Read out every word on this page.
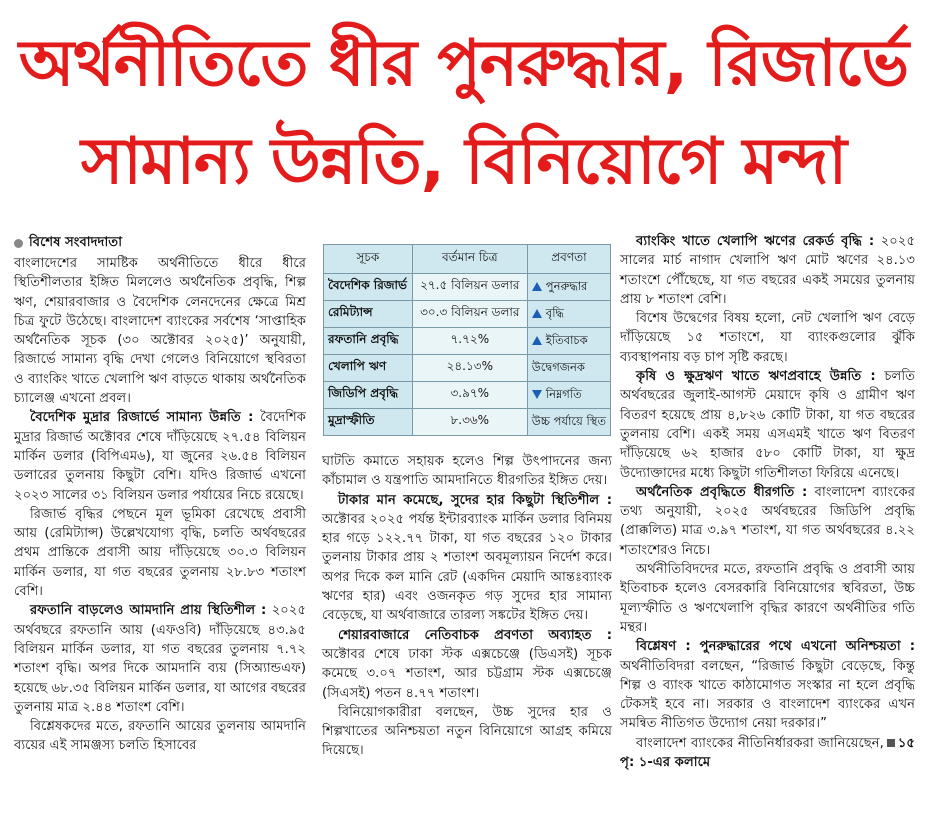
অর্থনীতিতে ধীর পুনরুদ্ধার, রিজার্ভে
সামান্য উন্নতি, বিনিয়োগে মন্দা
বিশেষ সংবাদদাতা

বাংলাদেশের সামষ্টিক অর্থনীতিতে ধীরে ধীরে স্থিতিশীলতার ইঙ্গিত মিললেও অর্থনৈতিক প্রবৃদ্ধি, শিল্প ঋণ, শেয়ারবাজার ও বৈদেশিক লেনদেনের ক্ষেত্রে মিশ্র চিত্র ফুটে উঠেছে। বাংলাদেশ ব্যাংকের সর্বশেষ ‘সাপ্তাহিক অর্থনৈতিক সূচক (৩০ অক্টোবর ২০২৫)’ অনুযায়ী, রিজার্ভে সামান্য বৃদ্ধি দেখা গেলেও বিনিয়োগে স্থবিরতা ও ব্যাংকিং খাতে খেলাপি ঋণ বাড়তে থাকায় অর্থনৈতিক চ্যালেঞ্জ এখনো প্রবল।

বৈদেশিক মুদ্রার রিজার্ভে সামান্য উন্নতি : বৈদেশিক মুদ্রার রিজার্ভ অক্টোবর শেষে দাঁড়িয়েছে ২৭.৫৪ বিলিয়ন মার্কিন ডলার (বিপিএম৬), যা জুনের ২৬.৫৪ বিলিয়ন ডলারের তুলনায় কিছুটা বেশি। যদিও রিজার্ভ এখনো ২০২৩ সালের ৩১ বিলিয়ন ডলার পর্যায়ের নিচে রয়েছে।

রিজার্ভ বৃদ্ধির পেছনে মূল ভূমিকা রেখেছে প্রবাসী আয় (রেমিট্যান্স) উল্লেখযোগ্য বৃদ্ধি, চলতি অর্থবছরের প্রথম প্রান্তিকে প্রবাসী আয় দাঁড়িয়েছে ৩০.৩ বিলিয়ন মার্কিন ডলার, যা গত বছরের তুলনায় ২৮.৮৩ শতাংশ বেশি।

রফতানি বাড়লেও আমদানি প্রায় স্থিতিশীল : ২০২৫ অর্থবছরে রফতানি আয় (এফওবি) দাঁড়িয়েছে ৪৩.৯৫ বিলিয়ন মার্কিন ডলার, যা গত বছরের তুলনায় ৭.৭২ শতাংশ বৃদ্ধি। অপর দিকে আমদানি ব্যয় (সিঅ্যান্ডএফ) হয়েছে ৬৮.৩৫ বিলিয়ন মার্কিন ডলার, যা আগের বছরের তুলনায় মাত্র ২.৪৪ শতাংশ বেশি।

বিশ্লেষকদের মতে, রফতানি আয়ের তুলনায় আমদানি ব্যয়ের এই সামঞ্জস্য চলতি হিসাবের

সূচক	বর্তমান চিত্র	প্রবণতা
বৈদেশিক রিজার্ভ	২৭.৫ বিলিয়ন ডলার	পুনরুদ্ধার
রেমিট্যান্স	৩০.৩ বিলিয়ন ডলার	বৃদ্ধি
রফতানি প্রবৃদ্ধি	৭.৭২%	ইতিবাচক
খেলাপি ঋণ	২৪.১৩%	উদ্বেগজনক
জিডিপি প্রবৃদ্ধি	৩.৯৭%	নিম্নগতি
মুদ্রাস্ফীতি	৮.৩৬%	উচ্চ পর্যায়ে স্থিত

ঘাটতি কমাতে সহায়ক হলেও শিল্প উৎপাদনের জন্য কাঁচামাল ও যন্ত্রপাতি আমদানিতে ধীরগতির ইঙ্গিত দেয়।

টাকার মান কমেছে, সুদের হার কিছুটা স্থিতিশীল : অক্টোবর ২০২৫ পর্যন্ত ইন্টারব্যাংক মার্কিন ডলার বিনিময় হার গড়ে ১২২.৭৭ টাকা, যা গত বছরের ১২০ টাকার তুলনায় টাকার প্রায় ২ শতাংশ অবমূল্যায়ন নির্দেশ করে। অপর দিকে কল মানি রেট (একদিন মেয়াদি আন্তঃব্যাংক ঋণের হার) এবং ওজনকৃত গড় সুদের হার সামান্য বেড়েছে, যা অর্থবাজারে তারল্য সঙ্কটের ইঙ্গিত দেয়।

শেয়ারবাজারে নেতিবাচক প্রবণতা অব্যাহত : অক্টোবর শেষে ঢাকা স্টক এক্সচেঞ্জে (ডিএসই) সূচক কমেছে ৩.০৭ শতাংশ, আর চট্টগ্রাম স্টক এক্সচেঞ্জে (সিএসই) পতন ৪.৭৭ শতাংশ।

বিনিয়োগকারীরা বলছেন, উচ্চ সুদের হার ও শিল্পখাতের অনিশ্চয়তা নতুন বিনিয়োগে আগ্রহ কমিয়ে দিয়েছে।

ব্যাংকিং খাতে খেলাপি ঋণের রেকর্ড বৃদ্ধি : ২০২৫ সালের মার্চ নাগাদ খেলাপি ঋণ মোট ঋণের ২৪.১৩ শতাংশে পৌঁছেছে, যা গত বছরের একই সময়ের তুলনায় প্রায় ৮ শতাংশ বেশি।

বিশেষ উদ্বেগের বিষয় হলো, নেট খেলাপি ঋণ বেড়ে দাঁড়িয়েছে ১৫ শতাংশে, যা ব্যাংকগুলোর ঝুঁকি ব্যবস্থাপনায় বড় চাপ সৃষ্টি করছে।

কৃষি ও ক্ষুদ্রঋণ খাতে ঋণপ্রবাহে উন্নতি : চলতি অর্থবছরের জুলাই-আগস্ট মেয়াদে কৃষি ও গ্রামীণ ঋণ বিতরণ হয়েছে প্রায় ৪,৮২৬ কোটি টাকা, যা গত বছরের তুলনায় বেশি। একই সময় এসএমই খাতে ঋণ বিতরণ দাঁড়িয়েছে ৬২ হাজার ৫৮০ কোটি টাকা, যা ক্ষুদ্র উদ্যোক্তাদের মধ্যে কিছুটা গতিশীলতা ফিরিয়ে এনেছে।

অর্থনৈতিক প্রবৃদ্ধিতে ধীরগতি : বাংলাদেশ ব্যাংকের তথ্য অনুযায়ী, ২০২৫ অর্থবছরের জিডিপি প্রবৃদ্ধি (প্রাক্কলিত) মাত্র ৩.৯৭ শতাংশ, যা গত অর্থবছরের ৪.২২ শতাংশেরও নিচে।

অর্থনীতিবিদদের মতে, রফতানি প্রবৃদ্ধি ও প্রবাসী আয় ইতিবাচক হলেও বেসরকারি বিনিয়োগের স্থবিরতা, উচ্চ মূল্যস্ফীতি ও ঋণখেলাপি বৃদ্ধির কারণে অর্থনীতির গতি মন্থর।

বিশ্লেষণ : পুনরুদ্ধারের পথে এখনো অনিশ্চয়তা : অর্থনীতিবিদরা বলছেন, “রিজার্ভ কিছুটা বেড়েছে, কিন্তু শিল্প ও ব্যাংক খাতে কাঠামোগত সংস্কার না হলে প্রবৃদ্ধি টেকসই হবে না। সরকার ও বাংলাদেশ ব্যাংকের এখন সমন্বিত নীতিগত উদ্যোগ নেয়া দরকার।”

বাংলাদেশ ব্যাংকের নীতিনির্ধারকরা জানিয়েছেন, ১৫ পৃ: ১-এর কলামে
